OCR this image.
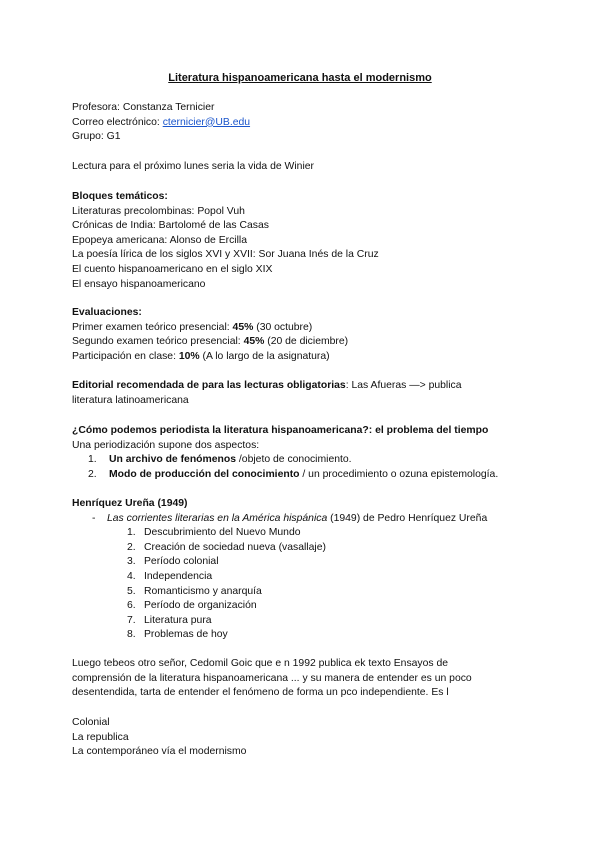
Literatura hispanoamericana hasta el modernismo
Profesora: Constanza Ternicier
Correo electrónico: cternicier@UB.edu
Grupo: G1
Lectura para el próximo lunes seria la vida de Winier
Bloques temáticos:
Literaturas precolombinas: Popol Vuh
Crónicas de India: Bartolomé de las Casas
Epopeya americana: Alonso de Ercilla
La poesía lírica de los siglos XVI y XVII: Sor Juana Inés de la Cruz
El cuento hispanoamericano en el siglo XIX
El ensayo hispanoamericano
Evaluaciones:
Primer examen teórico presencial: 45% (30 octubre)
Segundo examen teórico presencial: 45% (20 de diciembre)
Participación en clase: 10% (A lo largo de la asignatura)
Editorial recomendada de para las lecturas obligatorias: Las Afueras —> publica literatura latinoamericana
¿Cómo podemos periodista la literatura hispanoamericana?: el problema del tiempo
Una periodización supone dos aspectos:
1. Un archivo de fenómenos /objeto de conocimiento.
2. Modo de producción del conocimiento / un procedimiento o ozuna epistemología.
Henríquez Ureña (1949)
- Las corrientes literarias en la América hispánica (1949) de Pedro Henríquez Ureña
1. Descubrimiento del Nuevo Mundo
2. Creación de sociedad nueva (vasallaje)
3. Período colonial
4. Independencia
5. Romanticismo y anarquía
6. Período de organización
7. Literatura pura
8. Problemas de hoy
Luego tebeos otro señor, Cedomil Goic que e n 1992 publica ek texto Ensayos de comprensión de la literatura hispanoamericana ... y su manera de entender es un poco desentendida, tarta de entender el fenómeno de forma un pco independiente. Es l
Colonial
La republica
La contemporáneo vía el modernismo
